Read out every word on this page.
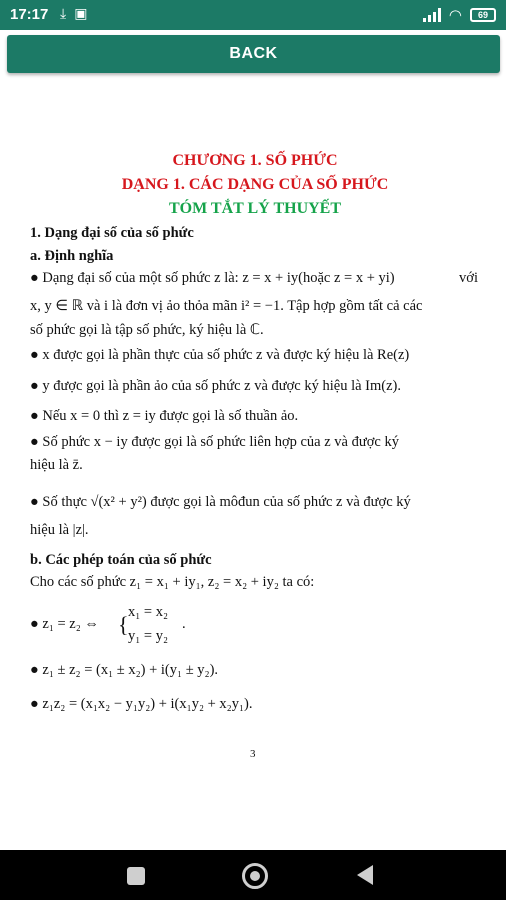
17:17 ⤓ ▣	◠	69
BACK
CHƯƠNG 1. SỐ PHỨC
DẠNG 1. CÁC DẠNG CỦA SỐ PHỨC
TÓM TẮT LÝ THUYẾT
1. Dạng đại số của số phức
a. Định nghĩa
● Dạng đại số của một số phức z là: z = x + iy(hoặc z = x + yi)	với
x, y ∈ ℝ và i là đơn vị ảo thỏa mãn i² = −1. Tập hợp gồm tất cả các
số phức gọi là tập số phức, ký hiệu là ℂ.
● x được gọi là phần thực của số phức z và được ký hiệu là Re(z)
● y được gọi là phần ảo của số phức z và được ký hiệu là Im(z).
● Nếu x = 0 thì z = iy được gọi là số thuần ảo.
● Số phức x − iy được gọi là số phức liên hợp của z và được ký
hiệu là z̄.
● Số thực √(x² + y²) được gọi là môđun của số phức z và được ký
hiệu là |z|.
b. Các phép toán của số phức
Cho các số phức z₁ = x₁ + iy₁, z₂ = x₂ + iy₂ ta có:
● z₁ = z₂ ⇔ { x₁ = x₂
y₁ = y₂
.
● z₁ ± z₂ = (x₁ ± x₂) + i(y₁ ± y₂).
● z₁z₂ = (x₁x₂ − y₁y₂) + i(x₁y₂ + x₂y₁).
3
